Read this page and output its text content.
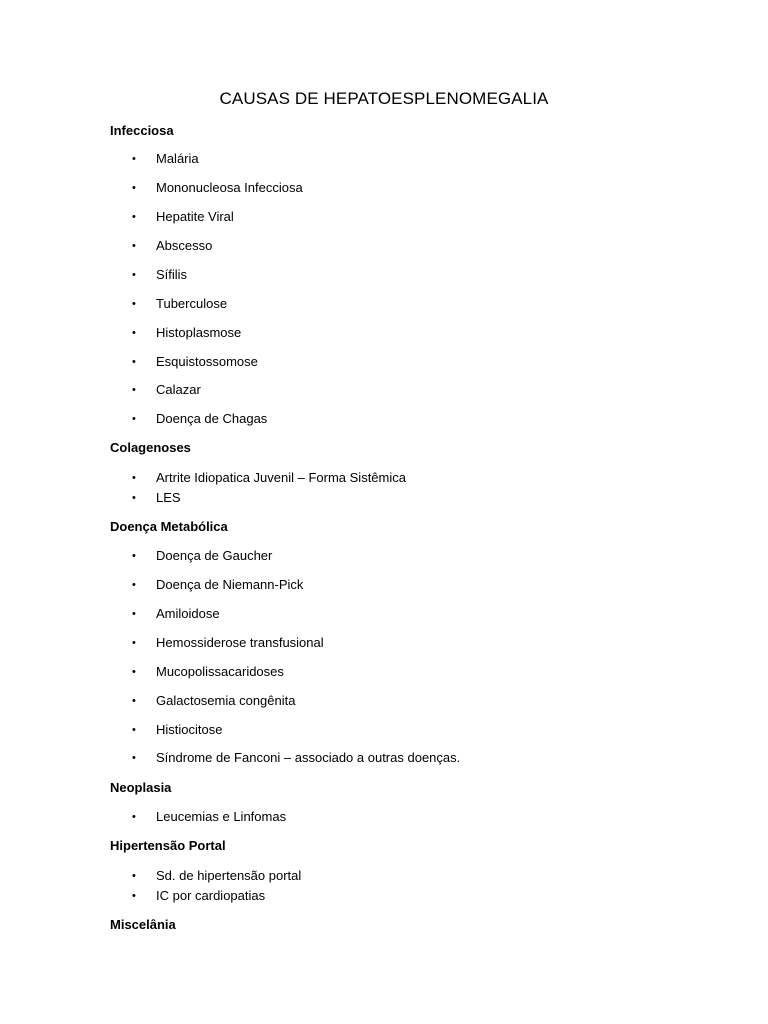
CAUSAS DE HEPATOESPLENOMEGALIA
Infecciosa
• Malária
• Mononucleosa Infecciosa
• Hepatite Viral
• Abscesso
• Sífilis
• Tuberculose
• Histoplasmose
• Esquistossomose
• Calazar
• Doença de Chagas
Colagenoses
• Artrite Idiopatica Juvenil – Forma Sistêmica
• LES
Doença Metabólica
• Doença de Gaucher
• Doença de Niemann-Pick
• Amiloidose
• Hemossiderose transfusional
• Mucopolissacaridoses
• Galactosemia congênita
• Histiocitose
• Síndrome de Fanconi – associado a outras doenças.
Neoplasia
• Leucemias e Linfomas
Hipertensão Portal
• Sd. de hipertensão portal
• IC por cardiopatias
Miscelânia
